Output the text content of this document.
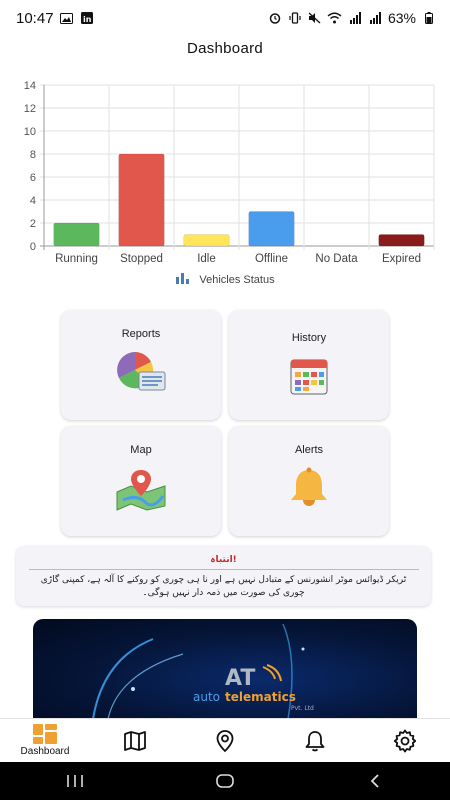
10:47	in	63%
Dashboard
0
2
4
6
8
10
12
14
Running Stopped	Idle	Offline No Data Expired
Vehicles Status
Reports	History
Map	Alerts
انتباہ!
ٹریکر ڈیوائس موٹر انشورنس کے متبادل نہیں ہے اور نا ہی چوری کو روکنے کا آلہ ہے، کمپنی گاڑی چوری کی صورت میں ذمہ دار نہیں ہوگی۔
AT
auto telematics
Pvt. Ltd
Dashboard
